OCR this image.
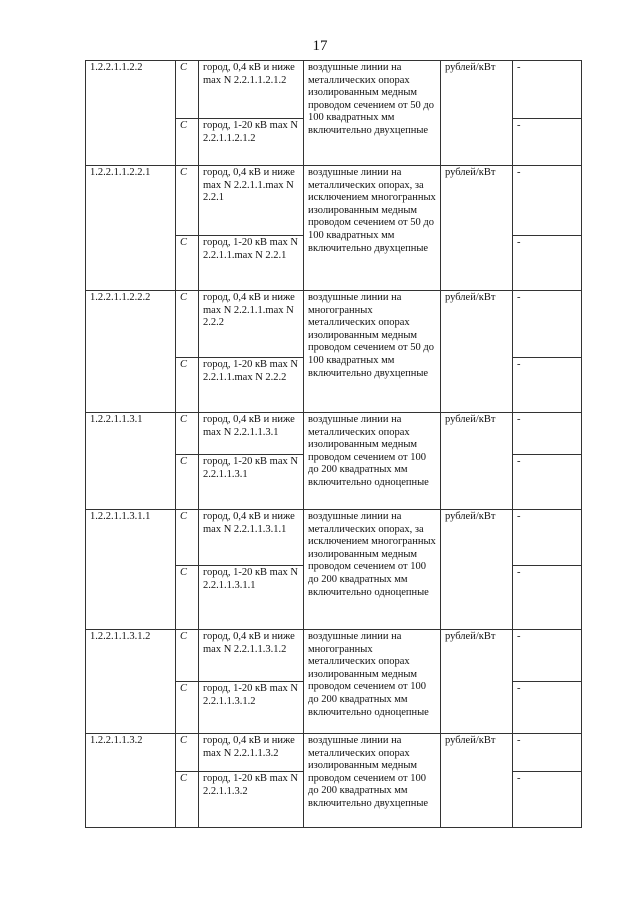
17
1.2.2.1.1.2.2	С	город, 0,4 кВ и ниже max N 2.2.1.1.2.1.2	воздушные линии на металлических опорах изолированным медным проводом сечением от 50 до 100 квадратных мм включительно двухцепные	рублей/кВт	-
	С	город, 1-20 кВ max N 2.2.1.1.2.1.2			-
1.2.2.1.1.2.2.1	С	город, 0,4 кВ и ниже max N 2.2.1.1.max N 2.2.1	воздушные линии на металлических опорах, за исключением многогранных изолированным медным проводом сечением от 50 до 100 квадратных мм включительно двухцепные	рублей/кВт	-
	С	город, 1-20 кВ max N 2.2.1.1.max N 2.2.1			-
1.2.2.1.1.2.2.2	С	город, 0,4 кВ и ниже max N 2.2.1.1.max N 2.2.2	воздушные линии на многогранных металлических опорах изолированным медным проводом сечением от 50 до 100 квадратных мм включительно двухцепные	рублей/кВт	-
	С	город, 1-20 кВ max N 2.2.1.1.max N 2.2.2			-
1.2.2.1.1.3.1	С	город, 0,4 кВ и ниже max N 2.2.1.1.3.1	воздушные линии на металлических опорах изолированным медным проводом сечением от 100 до 200 квадратных мм включительно одноцепные	рублей/кВт	-
	С	город, 1-20 кВ max N 2.2.1.1.3.1			-
1.2.2.1.1.3.1.1	С	город, 0,4 кВ и ниже max N 2.2.1.1.3.1.1	воздушные линии на металлических опорах, за исключением многогранных изолированным медным проводом сечением от 100 до 200 квадратных мм включительно одноцепные	рублей/кВт	-
	С	город, 1-20 кВ max N 2.2.1.1.3.1.1			-
1.2.2.1.1.3.1.2	С	город, 0,4 кВ и ниже max N 2.2.1.1.3.1.2	воздушные линии на многогранных металлических опорах изолированным медным проводом сечением от 100 до 200 квадратных мм включительно одноцепные	рублей/кВт	-
	С	город, 1-20 кВ max N 2.2.1.1.3.1.2			-
1.2.2.1.1.3.2	С	город, 0,4 кВ и ниже max N 2.2.1.1.3.2	воздушные линии на металлических опорах изолированным медным проводом сечением от 100 до 200 квадратных мм включительно двухцепные	рублей/кВт	-
	С	город, 1-20 кВ max N 2.2.1.1.3.2			-
